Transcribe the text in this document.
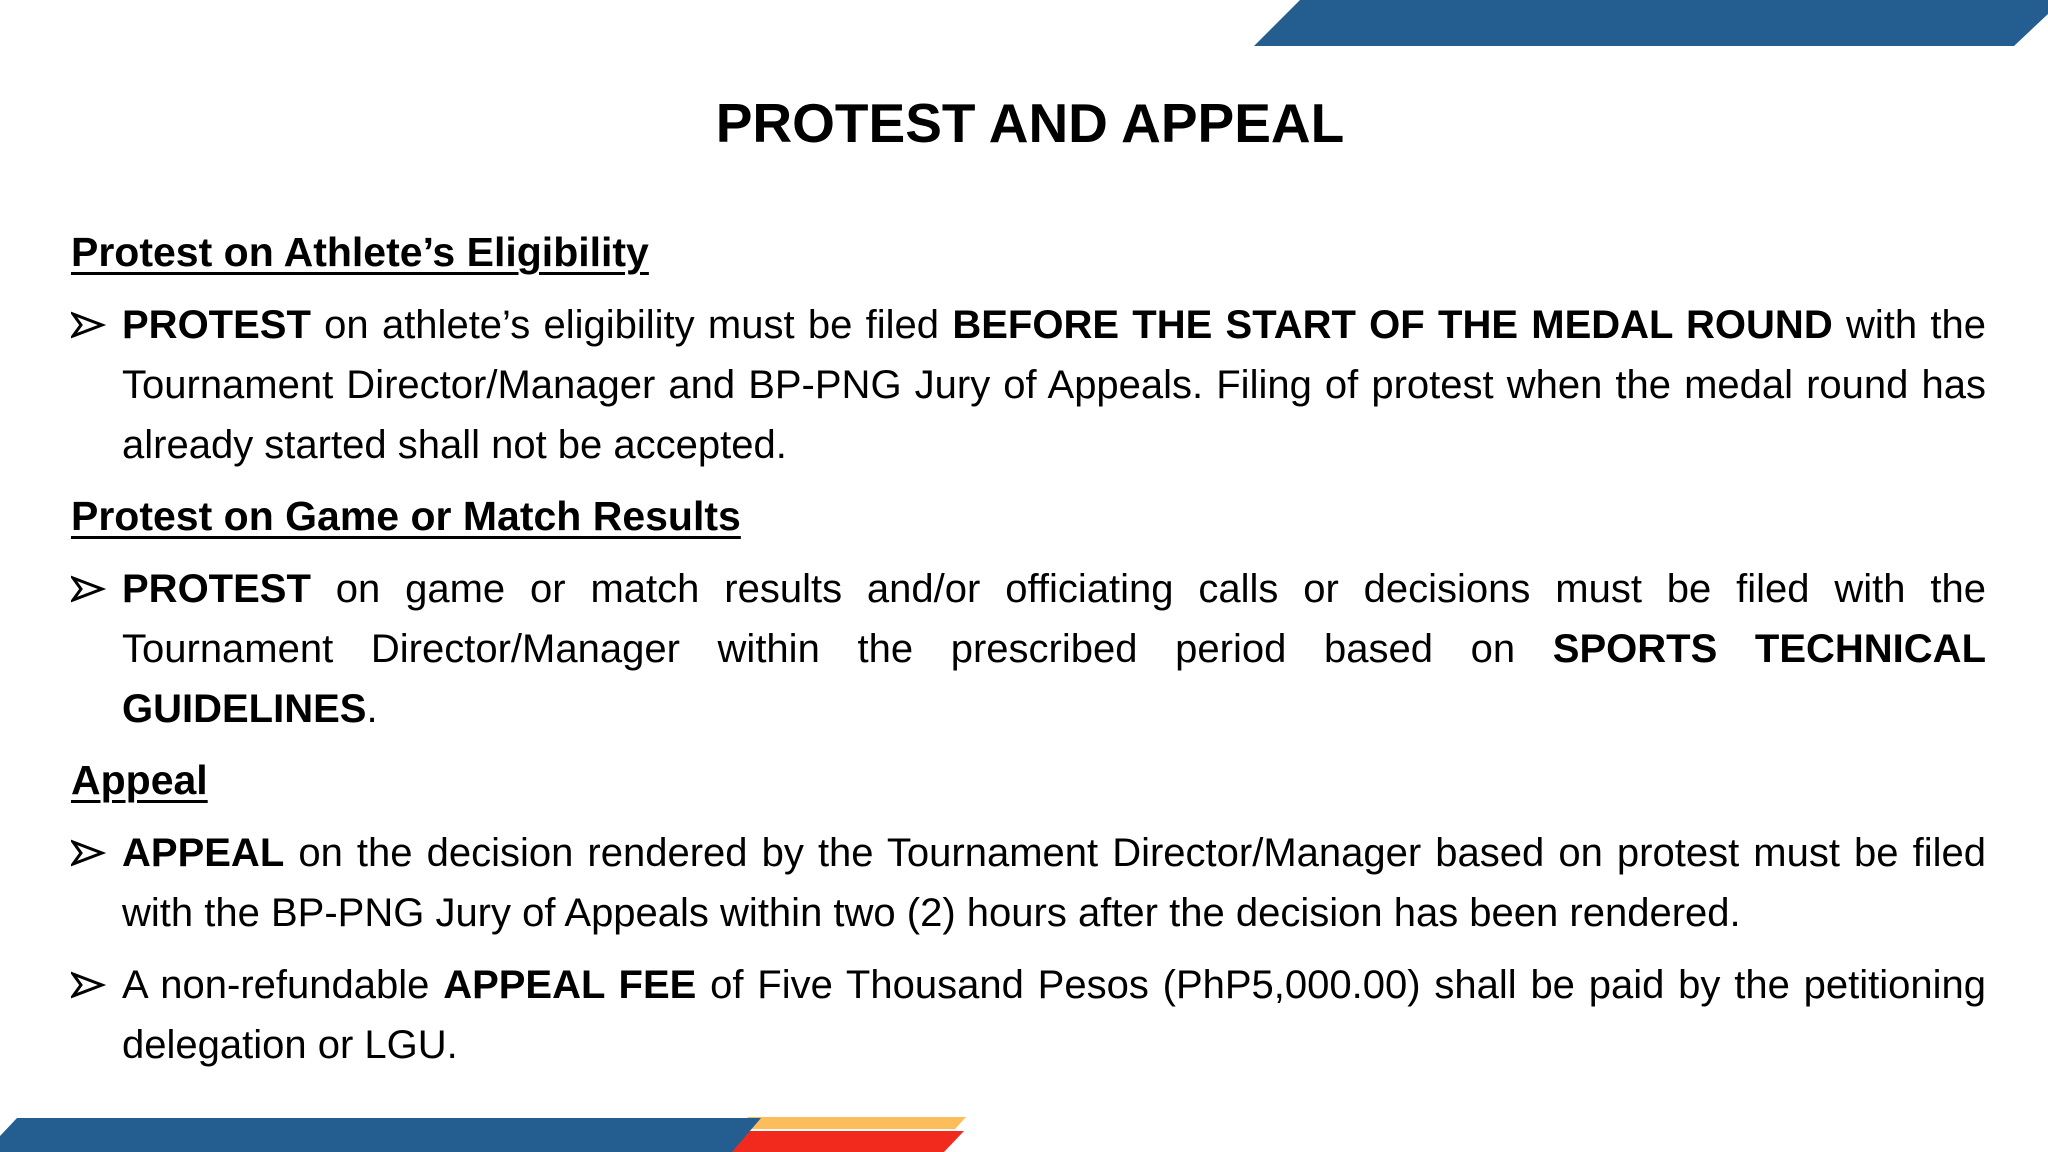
PROTEST AND APPEAL
Protest on Athlete’s Eligibility

PROTEST on athlete’s eligibility must be filed BEFORE THE START OF THE MEDAL ROUND with the Tournament Director/Manager and BP-PNG Jury of Appeals. Filing of protest when the medal round has already started shall not be accepted.

Protest on Game or Match Results

PROTEST on game or match results and/or officiating calls or decisions must be filed with the Tournament Director/Manager within the prescribed period based on SPORTS TECHNICAL GUIDELINES.

Appeal

APPEAL on the decision rendered by the Tournament Director/Manager based on protest must be filed with the BP-PNG Jury of Appeals within two (2) hours after the decision has been rendered.

A non-refundable APPEAL FEE of Five Thousand Pesos (PhP5,000.00) shall be paid by the petitioning delegation or LGU.
